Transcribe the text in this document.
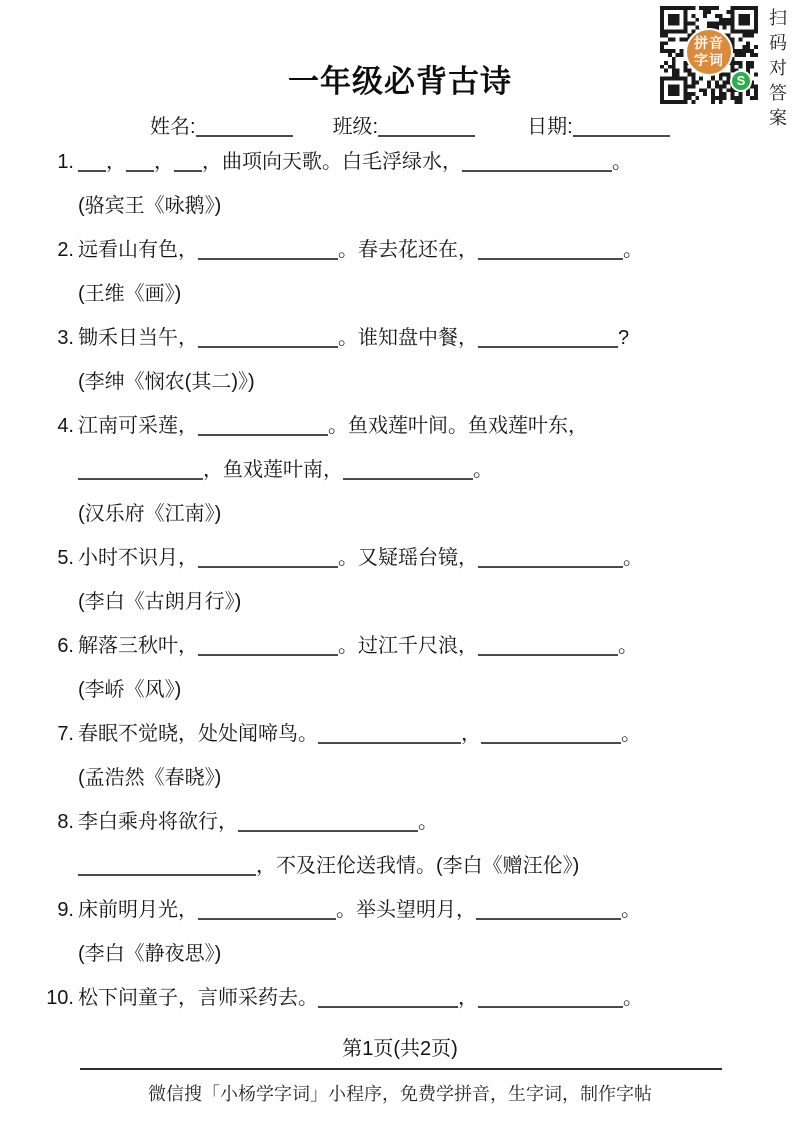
拼音
字词
S	扫码对答案
一年级必背古诗
姓名:	班级:	日期:
1. ， ， ，曲项向天歌。白毛浮绿水，	。
(骆宾王《咏鹅》)
2. 远看山有色，	。春去花还在，	。
(王维《画》)
3. 锄禾日当午，	。谁知盘中餐，	?
(李绅《悯农(其二)》)
4. 江南可采莲，	。鱼戏莲叶间。鱼戏莲叶东，
，鱼戏莲叶南，	。
(汉乐府《江南》)
5. 小时不识月，	。又疑瑶台镜，	。
(李白《古朗月行》)
6. 解落三秋叶，	。过江千尺浪，	。
(李峤《风》)
7. 春眠不觉晓，处处闻啼鸟。	，	。
(孟浩然《春晓》)
8. 李白乘舟将欲行，	。
，不及汪伦送我情。(李白《赠汪伦》)
9. 床前明月光，	。举头望明月，	。
(李白《静夜思》)
10. 松下问童子，言师采药去。	，	。
第1页(共2页)
微信搜「小杨学字词」小程序，免费学拼音，生字词，制作字帖
